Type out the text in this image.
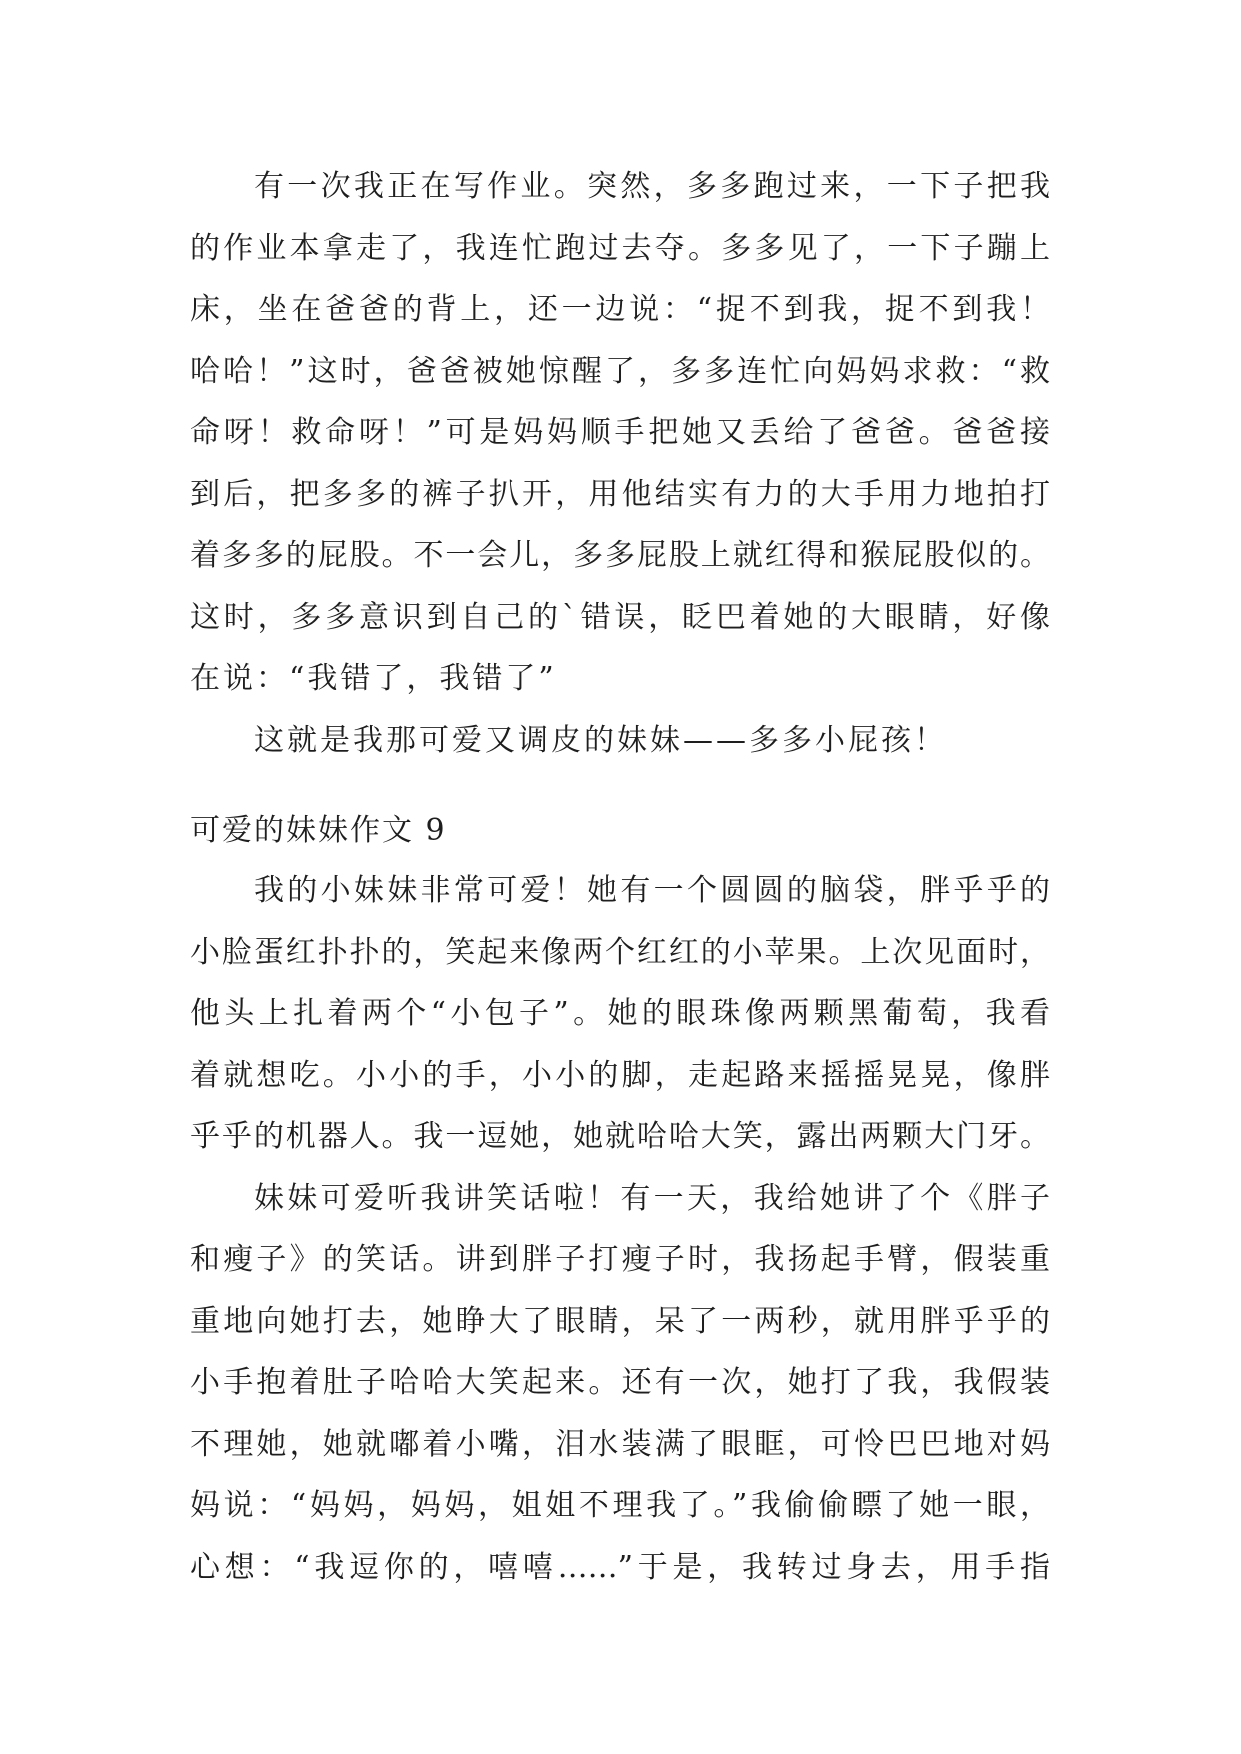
有一次我正在写作业。突然，多多跑过来，一下子把我
的作业本拿走了，我连忙跑过去夺。多多见了，一下子蹦上
床，坐在爸爸的背上，还一边说：“捉不到我，捉不到我！
哈哈！”这时，爸爸被她惊醒了，多多连忙向妈妈求救：“救
命呀！救命呀！”可是妈妈顺手把她又丢给了爸爸。爸爸接
到后，把多多的裤子扒开，用他结实有力的大手用力地拍打
着多多的屁股。不一会儿，多多屁股上就红得和猴屁股似的。
这时，多多意识到自己的`错误，眨巴着她的大眼睛，好像
在说：“我错了，我错了”
这就是我那可爱又调皮的妹妹——多多小屁孩！
可爱的妹妹作文 9
我的小妹妹非常可爱！她有一个圆圆的脑袋，胖乎乎的
小脸蛋红扑扑的，笑起来像两个红红的小苹果。上次见面时，
他头上扎着两个“小包子”。她的眼珠像两颗黑葡萄，我看
着就想吃。小小的手，小小的脚，走起路来摇摇晃晃，像胖
乎乎的机器人。我一逗她，她就哈哈大笑，露出两颗大门牙。
妹妹可爱听我讲笑话啦！有一天，我给她讲了个《胖子
和瘦子》的笑话。讲到胖子打瘦子时，我扬起手臂，假装重
重地向她打去，她睁大了眼睛，呆了一两秒，就用胖乎乎的
小手抱着肚子哈哈大笑起来。还有一次，她打了我，我假装
不理她，她就嘟着小嘴，泪水装满了眼眶，可怜巴巴地对妈
妈说：“妈妈，妈妈，姐姐不理我了。”我偷偷瞟了她一眼，
心想：“我逗你的，嘻嘻……”于是，我转过身去，用手指
